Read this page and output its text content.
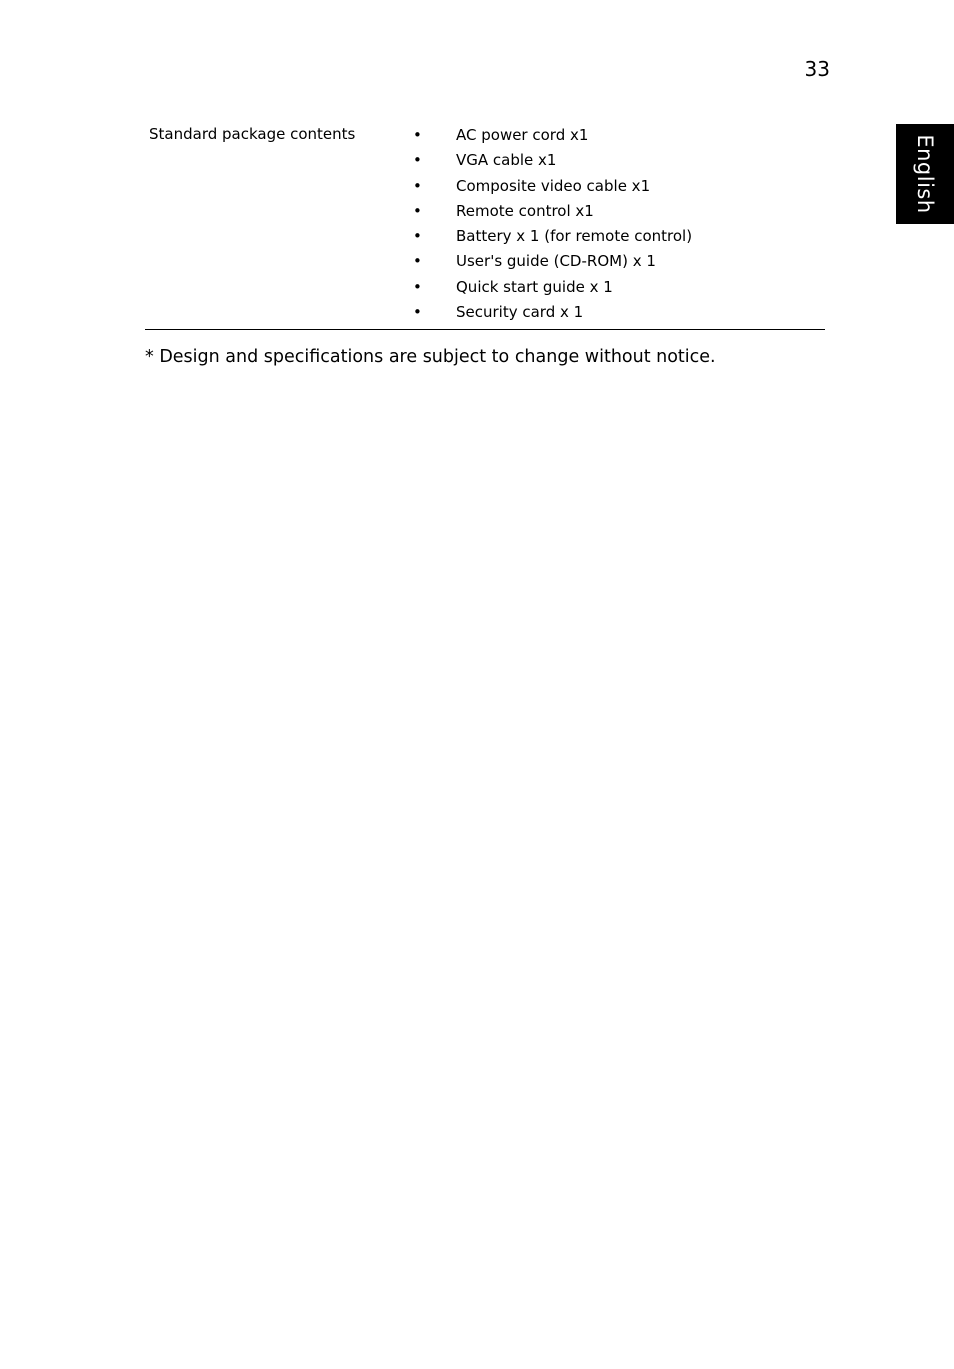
33
English
Standard package contents	• AC power cord x1
• VGA cable x1
• Composite video cable x1
• Remote control x1
• Battery x 1 (for remote control)
• User's guide (CD-ROM) x 1
• Quick start guide x 1
• Security card x 1
* Design and specifications are subject to change without notice.
